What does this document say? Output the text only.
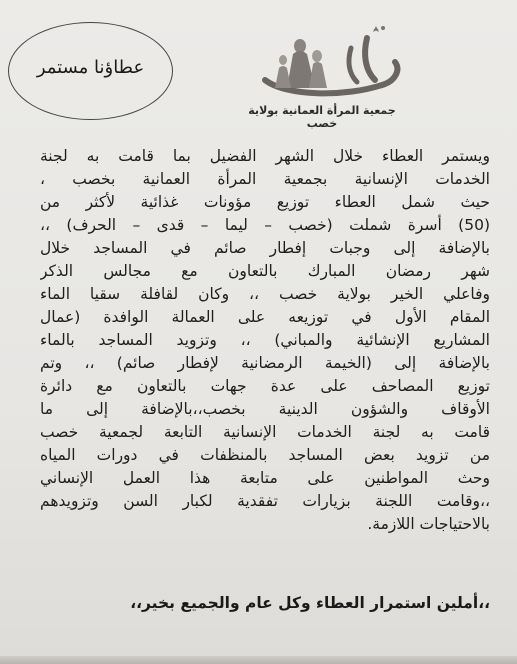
عطاؤنا مستمر
جمعية المرأة العمانية بولاية خصب
ويستمر العطاء خلال الشهر الفضيل بما قامت به لجنة
الخدمات الإنسانية بجمعية المرأة العمانية بخصب ،
حيث شمل العطاء توزيع مؤونات غذائية لأكثر من
(50) أسرة شملت (خصب – ليما – قدى – الحرف) ،،
بالإضافة إلى وجبات إفطار صائم في المساجد خلال
شهر رمضان المبارك بالتعاون مع مجالس الذكر
وفاعلي الخير بولاية خصب ،، وكان لقافلة سقيا الماء
المقام الأول في توزيعه على العمالة الوافدة (عمال
المشاريع الإنشائية والمباني) ،، وتزويد المساجد بالماء
بالإضافة إلى (الخيمة الرمضانية لإفطار صائم) ،، وتم
توزيع المصاحف على عدة جهات بالتعاون مع دائرة
الأوقاف والشؤون الدينية بخصب،،بالإضافة إلى ما
قامت به لجنة الخدمات الإنسانية التابعة لجمعية خصب
من تزويد بعض المساجد بالمنظفات في دورات المياه
وحث المواطنين على متابعة هذا العمل الإنساني
،،وقامت اللجنة بزيارات تفقدية لكبار السن وتزويدهم
بالاحتياجات اللازمة.
،،أملين استمرار العطاء وكل عام والجميع بخير،،
